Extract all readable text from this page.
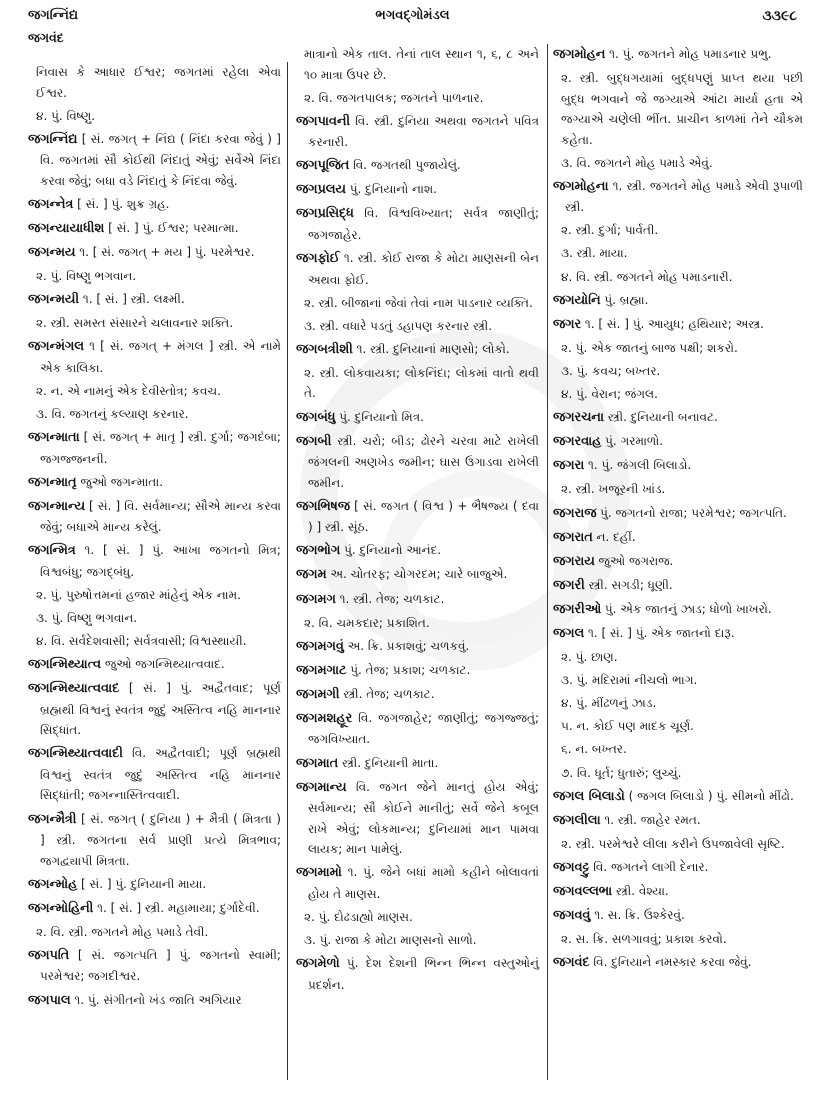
જગન્નિંદ્ય
જગવંદ
ભગવદ્ગોમંડલ	૩૩૯૮

નિવાસ કે આધાર ઈશ્વર; જગતમાં રહેલા એવા ઈશ્વર.

૪. પું. વિષ્ણુ.

જગન્નિંદ્ય [ સં. જગત્ + નિંદ્ય ( નિંદા કરવા જેવું ) ] વિ. જગતમાં સૌ કોઈથી નિંદાતું એવું; સર્વેએ નિંદા કરવા જેવું; બધા વડે નિંદાતું કે નિંદવા જેવું.

જગન્નેત્ર [ સં. ] પું. શુક્ર ગ્રહ.

જગન્યાયાધીશ [ સં. ] પું. ઈશ્વર; પરમાત્મા.

જગન્મય ૧. [ સં. જગત્ + મય ] પું. પરમેશ્વર.

૨. પું. વિષ્ણુ ભગવાન.

જગન્મયી ૧. [ સં. ] સ્ત્રી. લક્ષ્મી.

૨. સ્ત્રી. સમસ્ત સંસારને ચલાવનાર શક્તિ.

જગન્મંગલ ૧ [ સં. જગત્ + મંગલ ] સ્ત્રી. એ નામે એક કાલિકા.

૨. ન. એ નામનું એક દેવીસ્તોત્ર; કવચ.

૩. વિ. જગતનું કલ્યાણ કરનાર.

જગન્માતા [ સં. જગત્ + માતૃ ] સ્ત્રી. દુર્ગા; જગદંબા; જગજ્જનની.

જગન્માતૃ જુઓ જગન્માતા.

જગન્માન્ય [ સં. ] વિ. સર્વમાન્ય; સૌએ માન્ય કરવા જેવું; બધાએ માન્ય કરેલું.

જગન્મિત્ર ૧. [ સં. ] પું. આખા જગતનો મિત્ર; વિશ્વબંધુ; જગદ્બંધુ.

૨. પું. પુરુષોત્તમનાં હજાર માંહેનું એક નામ.

૩. પું. વિષ્ણુ ભગવાન.

૪. વિ. સર્વદેશવાસી; સર્વત્રવાસી; વિશ્વસ્થાયી.

જગન્મિથ્યાત્વ જુઓ જગન્મિથ્યાત્વવાદ.

જગન્મિથ્યાત્વવાદ [ સં. ] પું. અદ્વૈતવાદ; પૂર્ણ બ્રહ્મથી વિશ્વનું સ્વતંત્ર જુદું અસ્તિત્વ નહિ માનનાર સિદ્ધાંત.

જગન્મિથ્યાત્વવાદી વિ. અદ્વૈતવાદી; પૂર્ણ બ્રહ્મથી વિશ્વનું સ્વતંત્ર જુદું અસ્તિત્વ નહિ માનનાર સિદ્ધાંતી; જગન્નાસ્તિત્વવાદી.

જગન્મૈત્રી [ સં. જગત્ ( દુનિયા ) + મૈત્રી ( મિત્રતા ) ] સ્ત્રી. જગતના સર્વ પ્રાણી પ્રત્યે મિત્રભાવ; જગદ્વ્યાપી મિત્રતા.

જગન્મોહ [ સં. ] પું. દુનિયાની માયા.

જગન્મોહિની ૧. [ સં. ] સ્ત્રી. મહામાયા; દુર્ગાદેવી.

૨. વિ. સ્ત્રી. જગતને મોહ પમાડે તેવી.

જગપતિ [ સં. જગત્પતિ ] પું. જગતનો સ્વામી; પરમેશ્વર; જગદીશ્વર.

જગપાલ ૧. પું. સંગીતનો ખંડ જાતિ અગિયાર

માત્રાનો એક તાલ. તેનાં તાલ સ્થાન ૧, ૬, ૮ અને ૧૦ માત્રા ઉપર છે.

૨. વિ. જગતપાલક; જગતને પાળનાર.

જગપાવની વિ. સ્ત્રી. દુનિયા અથવા જગતને પવિત્ર કરનારી.

જગપૂજિત વિ. જગતથી પુજાયેલું.

જગપ્રલય પું. દુનિયાનો નાશ.

જગપ્રસિદ્ધ વિ. વિશ્વવિખ્યાત; સર્વત્ર જાણીતું; જગજાહેર.

જગફોઈ ૧. સ્ત્રી. કોઈ રાજા કે મોટા માણસની બેન અથવા ફોઈ.

૨. સ્ત્રી. બીજાનાં જેવાં તેવાં નામ પાડનાર વ્યક્તિ.

૩. સ્ત્રી. વધારે પડતું ડહાપણ કરનાર સ્ત્રી.

જગબત્રીશી ૧. સ્ત્રી. દુનિયાનાં માણસો; લોકો.

૨. સ્ત્રી. લોકવાયકા; લોકનિંદા; લોકમાં વાતો થવી તે.

જગબંધુ પું. દુનિયાનો મિત્ર.

જગબી સ્ત્રી. ચરો; બીડ; ઢોરને ચરવા માટે રાખેલી જંગલની અણખેડ જમીન; ઘાસ ઉગાડવા રાખેલી જમીન.

જગભિષજ [ સં. જગત ( વિશ્વ ) + ભૈષજ્ય ( દવા ) ] સ્ત્રી. સૂંઠ.

જગભોગ પું. દુનિયાનો આનંદ.

જગમ અ. ચોતરફ; ચોગરદમ; ચારે બાજુએ.

જગમગ ૧. સ્ત્રી. તેજ; ચળકાટ.

૨. વિ. ચમકદાર; પ્રકાશિત.

જગમગવું અ. ક્રિ. પ્રકાશવું; ચળકવું.

જગમગાટ પું. તેજ; પ્રકાશ; ચળકાટ.

જગમગી સ્ત્રી. તેજ; ચળકાટ.

જગમશહૂર વિ. જગજાહેર; જાણીતું; જગજ્જતું; જગવિખ્યાત.

જગમાત સ્ત્રી. દુનિયાની માતા.

જગમાન્ય વિ. જગત જેને માનતું હોય એવું; સર્વમાન્ય; સૌ કોઈને માનીતું; સર્વે જેને કબૂલ રાખે એવું; લોકમાન્ય; દુનિયામાં માન પામવા લાયક; માન પામેલું.

જગમામો ૧. પું. જેને બધાં મામો કહીને બોલાવતાં હોય તે માણસ.

૨. પું. દોઢડાહ્યો માણસ.

૩. પું. રાજા કે મોટા માણસનો સાળો.

જગમેળો પું. દેશ દેશની ભિન્ન ભિન્ન વસ્તુઓનું પ્રદર્શન.

જગમોહન ૧. પું. જગતને મોહ પમાડનાર પ્રભુ.

૨. સ્ત્રી. બુદ્ધગયામાં બુદ્ધપણું પ્રાપ્ત થયા પછી બુદ્ધ ભગવાને જે જગ્યાએ આંટા માર્યા હતા એ જગ્યાએ ચણેલી ભીંત. પ્રાચીન કાળમાં તેને ચૌકમ કહેતા.

૩. વિ. જગતને મોહ પમાડે એવું.

જગમોહના ૧. સ્ત્રી. જગતને મોહ પમાડે એવી રૂપાળી સ્ત્રી.

૨. સ્ત્રી. દુર્ગા; પાર્વતી.

૩. સ્ત્રી. માયા.

૪. વિ. સ્ત્રી. જગતને મોહ પમાડનારી.

જગયોનિ પું. બ્રહ્મા.

જગર ૧. [ સં. ] પું. આયુધ; હથિયાર; અસ્ત્ર.

૨. પું. એક જાતનું બાજ પક્ષી; શકરો.

૩. પું. કવચ; બખ્તર.

૪. પું. વેરાન; જંગલ.

જગરચના સ્ત્રી. દુનિયાની બનાવટ.

જગરવાહ પું. ગરમાળો.

જગરા ૧. પું. જંગલી બિલાડો.

૨. સ્ત્રી. ખજૂરની ખાંડ.

જગરાજ પું. જગતનો રાજા; પરમેશ્વર; જગત્પતિ.

જગરાત ન. દહીં.

જગરાય જુઓ જગરાજ.

જગરી સ્ત્રી. સગડી; ધૂણી.

જગરીઓ પું. એક જાતનું ઝાડ; ધોળો ખાખરો.

જગલ ૧. [ સં. ] પું. એક જાતનો દારૂ.

૨. પું. છાણ.

૩. પું. મદિરામાં નીચલો ભાગ.

૪. પું. મીંઢળનું ઝાડ.

૫. ન. કોઈ પણ માદક ચૂર્ણ.

૬. ન. બખ્તર.

૭. વિ. ધૂર્ત; ધુતારું; લુચ્ચું.

જગલ બિલાડો ( જગલ બિલાડો ) પું. સીમનો મીંઢો.

જગલીલા ૧. સ્ત્રી. જાહેર રમત.

૨. સ્ત્રી. પરમેશ્વરે લીલા કરીને ઉપજાવેલી સૃષ્ટિ.

જગવટ્ટુ વિ. જગતને લાગી દેનાર.

જગવલ્લભા સ્ત્રી. વેશ્યા.

જગવવું ૧. સ. ક્રિ. ઉશ્કેરવું.

૨. સ. ક્રિ. સળગાવવું; પ્રકાશ કરવો.

જગવંદ વિ. દુનિયાને નમસ્કાર કરવા જેવું.
